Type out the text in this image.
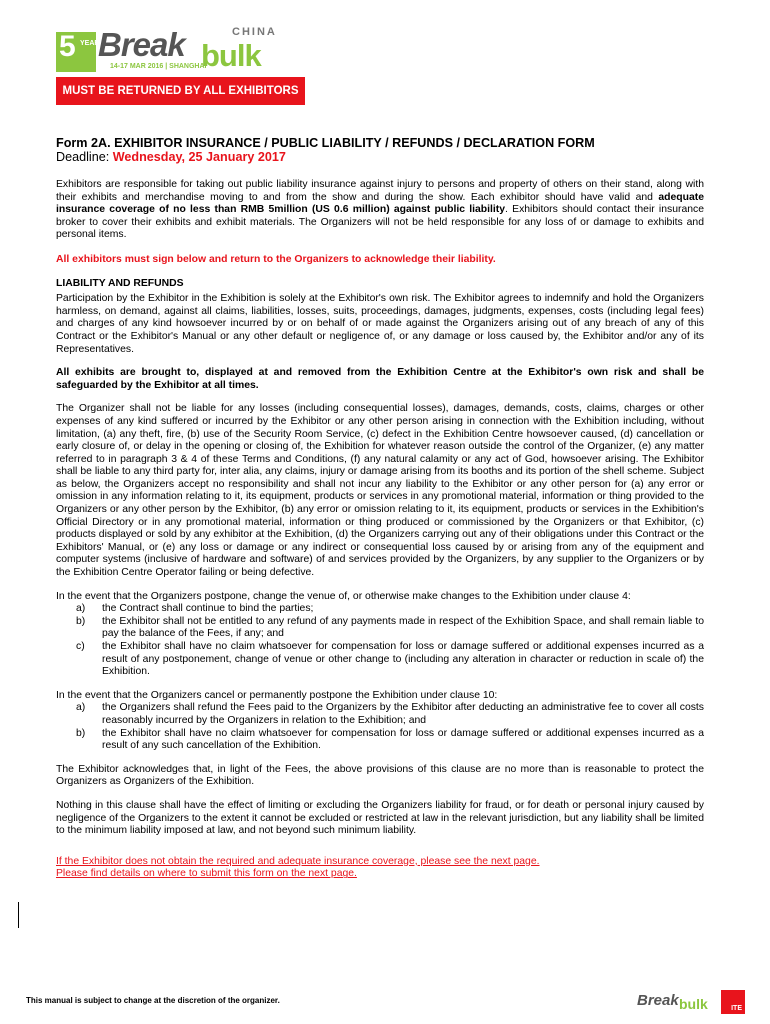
5 YEARS
Break bulk
CHINA
14-17 MAR 2016 | SHANGHAI
MUST BE RETURNED BY ALL EXHIBITORS
Form 2A. EXHIBITOR INSURANCE / PUBLIC LIABILITY / REFUNDS / DECLARATION FORM
Deadline: Wednesday, 25 January 2017

Exhibitors are responsible for taking out public liability insurance against injury to persons and property of others on their stand, along with their exhibits and merchandise moving to and from the show and during the show. Each exhibitor should have valid and adequate insurance coverage of no less than RMB 5million (US 0.6 million) against public liability. Exhibitors should contact their insurance broker to cover their exhibits and exhibit materials. The Organizers will not be held responsible for any loss of or damage to exhibits and personal items.

All exhibitors must sign below and return to the Organizers to acknowledge their liability.

LIABILITY AND REFUNDS

Participation by the Exhibitor in the Exhibition is solely at the Exhibitor's own risk. The Exhibitor agrees to indemnify and hold the Organizers harmless, on demand, against all claims, liabilities, losses, suits, proceedings, damages, judgments, expenses, costs (including legal fees) and charges of any kind howsoever incurred by or on behalf of or made against the Organizers arising out of any breach of any of this Contract or the Exhibitor's Manual or any other default or negligence of, or any damage or loss caused by, the Exhibitor and/or any of its Representatives.

All exhibits are brought to, displayed at and removed from the Exhibition Centre at the Exhibitor's own risk and shall be safeguarded by the Exhibitor at all times.

The Organizer shall not be liable for any losses (including consequential losses), damages, demands, costs, claims, charges or other expenses of any kind suffered or incurred by the Exhibitor or any other person arising in connection with the Exhibition including, without limitation, (a) any theft, fire, (b) use of the Security Room Service, (c) defect in the Exhibition Centre howsoever caused, (d) cancellation or early closure of, or delay in the opening or closing of, the Exhibition for whatever reason outside the control of the Organizer, (e) any matter referred to in paragraph 3 & 4 of these Terms and Conditions, (f) any natural calamity or any act of God, howsoever arising. The Exhibitor shall be liable to any third party for, inter alia, any claims, injury or damage arising from its booths and its portion of the shell scheme. Subject as below, the Organizers accept no responsibility and shall not incur any liability to the Exhibitor or any other person for (a) any error or omission in any information relating to it, its equipment, products or services in any promotional material, information or thing provided to the Organizers or any other person by the Exhibitor, (b) any error or omission relating to it, its equipment, products or services in the Exhibition's Official Directory or in any promotional material, information or thing produced or commissioned by the Organizers or that Exhibitor, (c) products displayed or sold by any exhibitor at the Exhibition, (d) the Organizers carrying out any of their obligations under this Contract or the Exhibitors' Manual, or (e) any loss or damage or any indirect or consequential loss caused by or arising from any of the equipment and computer systems (inclusive of hardware and software) of and services provided by the Organizers, by any supplier to the Organizers or by the Exhibition Centre Operator failing or being defective.

In the event that the Organizers postpone, change the venue of, or otherwise make changes to the Exhibition under clause 4:

a) the Contract shall continue to bind the parties;
b) the Exhibitor shall not be entitled to any refund of any payments made in respect of the Exhibition Space, and shall remain liable to pay the balance of the Fees, if any; and
c) the Exhibitor shall have no claim whatsoever for compensation for loss or damage suffered or additional expenses incurred as a result of any postponement, change of venue or other change to (including any alteration in character or reduction in scale of) the Exhibition.

In the event that the Organizers cancel or permanently postpone the Exhibition under clause 10:

a) the Organizers shall refund the Fees paid to the Organizers by the Exhibitor after deducting an administrative fee to cover all costs reasonably incurred by the Organizers in relation to the Exhibition; and
b) the Exhibitor shall have no claim whatsoever for compensation for loss or damage suffered or additional expenses incurred as a result of any such cancellation of the Exhibition.

The Exhibitor acknowledges that, in light of the Fees, the above provisions of this clause are no more than is reasonable to protect the Organizers as Organizers of the Exhibition.

Nothing in this clause shall have the effect of limiting or excluding the Organizers liability for fraud, or for death or personal injury caused by negligence of the Organizers to the extent it cannot be excluded or restricted at law in the relevant jurisdiction, but any liability shall be limited to the minimum liability imposed at law, and not beyond such minimum liability.

If the Exhibitor does not obtain the required and adequate insurance coverage, please see the next page.
Please find details on where to submit this form on the next page.
This manual is subject to change at the discretion of the organizer.	Break bulk	ITE
